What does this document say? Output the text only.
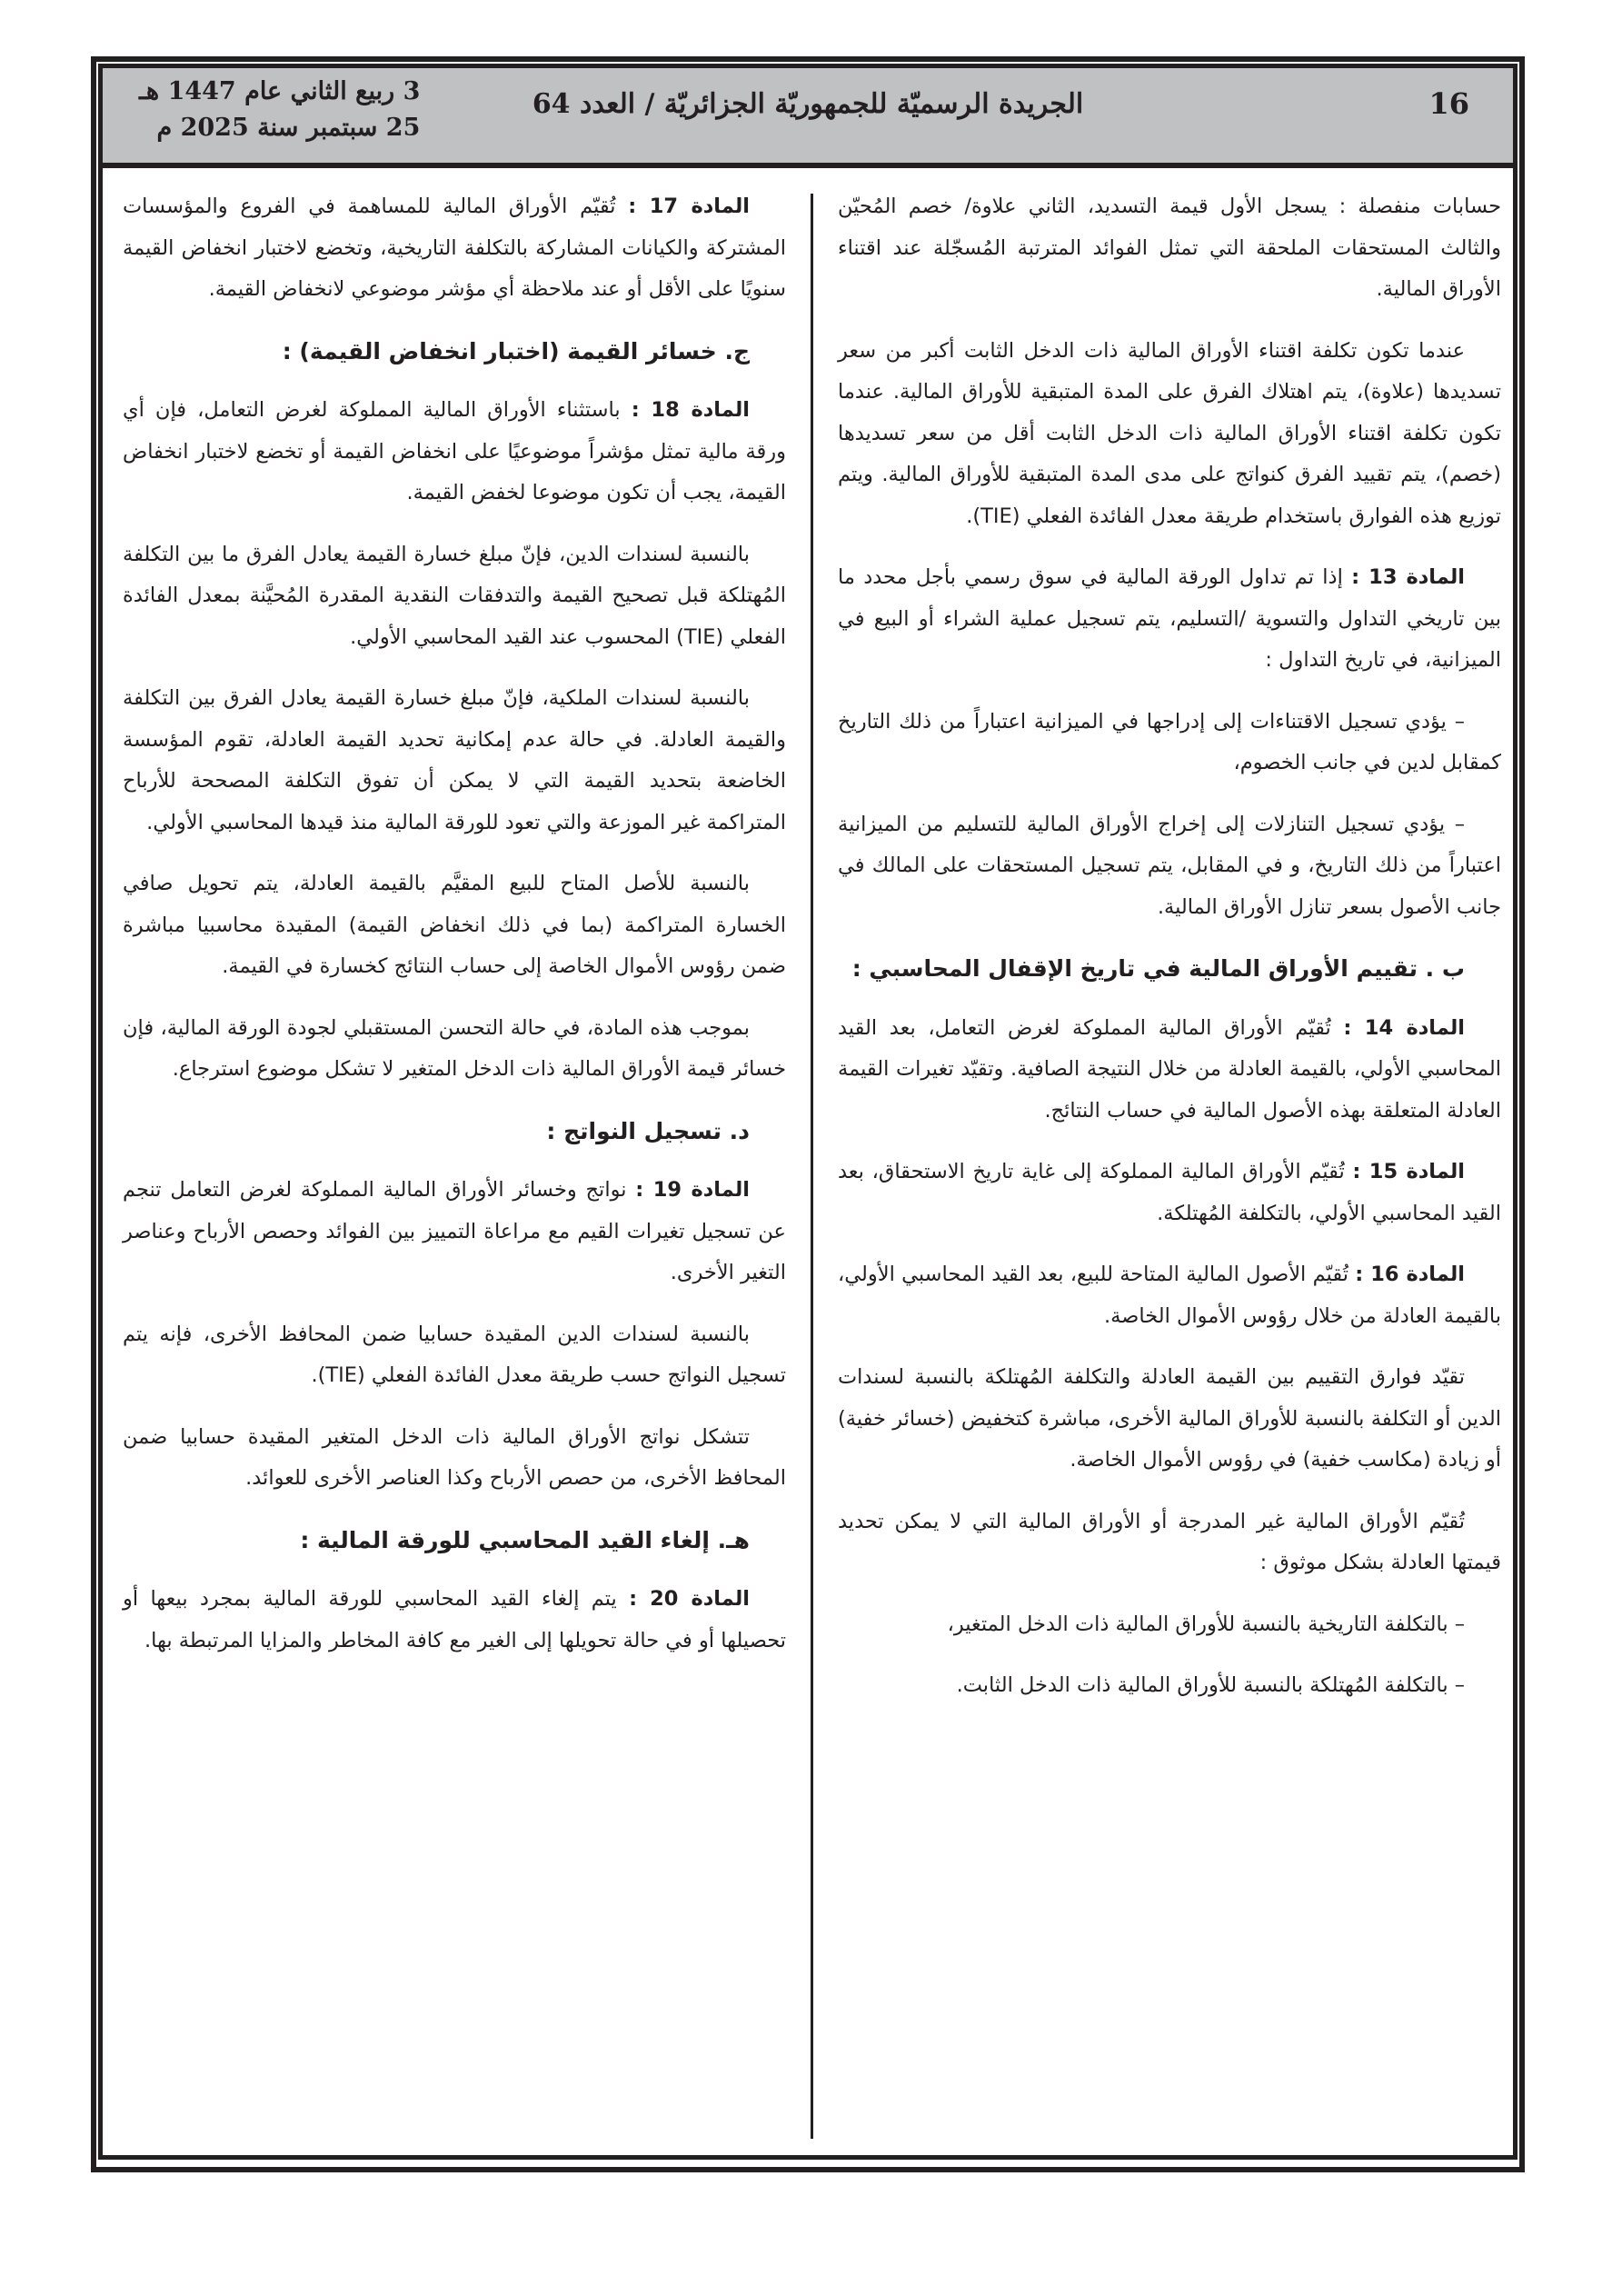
16
الجريدة الرسميّة للجمهوريّة الجزائريّة / العدد 64
3 ربيع الثاني عام 1447 هـ
25 سبتمبر سنة 2025 م

حسابات منفصلة : يسجل الأول قيمة التسديد، الثاني علاوة/ خصم المُحيّن والثالث المستحقات الملحقة التي تمثل الفوائد المترتبة المُسجّلة عند اقتناء الأوراق المالية.

عندما تكون تكلفة اقتناء الأوراق المالية ذات الدخل الثابت أكبر من سعر تسديدها (علاوة)، يتم اهتلاك الفرق على المدة المتبقية للأوراق المالية. عندما تكون تكلفة اقتناء الأوراق المالية ذات الدخل الثابت أقل من سعر تسديدها (خصم)، يتم تقييد الفرق كنواتج على مدى المدة المتبقية للأوراق المالية. ويتم توزيع هذه الفوارق باستخدام طريقة معدل الفائدة الفعلي (TIE).

المادة 13 : إذا تم تداول الورقة المالية في سوق رسمي بأجل محدد ما بين تاريخي التداول والتسوية /التسليم، يتم تسجيل عملية الشراء أو البيع في الميزانية، في تاريخ التداول :

– يؤدي تسجيل الاقتناءات إلى إدراجها في الميزانية اعتباراً من ذلك التاريخ كمقابل لدين في جانب الخصوم،

– يؤدي تسجيل التنازلات إلى إخراج الأوراق المالية للتسليم من الميزانية اعتباراً من ذلك التاريخ، و في المقابل، يتم تسجيل المستحقات على المالك في جانب الأصول بسعر تنازل الأوراق المالية.

ب . تقييم الأوراق المالية في تاريخ الإقفال المحاسبي :

المادة 14 : تُقيّم الأوراق المالية المملوكة لغرض التعامل، بعد القيد المحاسبي الأولي، بالقيمة العادلة من خلال النتيجة الصافية. وتقيّد تغيرات القيمة العادلة المتعلقة بهذه الأصول المالية في حساب النتائج.

المادة 15 : تُقيّم الأوراق المالية المملوكة إلى غاية تاريخ الاستحقاق، بعد القيد المحاسبي الأولي، بالتكلفة المُهتلكة.

المادة 16 : تُقيّم الأصول المالية المتاحة للبيع، بعد القيد المحاسبي الأولي، بالقيمة العادلة من خلال رؤوس الأموال الخاصة.

تقيّد فوارق التقييم بين القيمة العادلة والتكلفة المُهتلكة بالنسبة لسندات الدين أو التكلفة بالنسبة للأوراق المالية الأخرى، مباشرة كتخفيض (خسائر خفية) أو زيادة (مكاسب خفية) في رؤوس الأموال الخاصة.

تُقيّم الأوراق المالية غير المدرجة أو الأوراق المالية التي لا يمكن تحديد قيمتها العادلة بشكل موثوق :

– بالتكلفة التاريخية بالنسبة للأوراق المالية ذات الدخل المتغير،

– بالتكلفة المُهتلكة بالنسبة للأوراق المالية ذات الدخل الثابت.

المادة 17 : تُقيّم الأوراق المالية للمساهمة في الفروع والمؤسسات المشتركة والكيانات المشاركة بالتكلفة التاريخية، وتخضع لاختبار انخفاض القيمة سنويًا على الأقل أو عند ملاحظة أي مؤشر موضوعي لانخفاض القيمة.

ج. خسائر القيمة (اختبار انخفاض القيمة) :

المادة 18 : باستثناء الأوراق المالية المملوكة لغرض التعامل، فإن أي ورقة مالية تمثل مؤشراً موضوعيًا على انخفاض القيمة أو تخضع لاختبار انخفاض القيمة، يجب أن تكون موضوعا لخفض القيمة.

بالنسبة لسندات الدين، فإنّ مبلغ خسارة القيمة يعادل الفرق ما بين التكلفة المُهتلكة قبل تصحيح القيمة والتدفقات النقدية المقدرة المُحيَّنة بمعدل الفائدة الفعلي (TIE) المحسوب عند القيد المحاسبي الأولي.

بالنسبة لسندات الملكية، فإنّ مبلغ خسارة القيمة يعادل الفرق بين التكلفة والقيمة العادلة. في حالة عدم إمكانية تحديد القيمة العادلة، تقوم المؤسسة الخاضعة بتحديد القيمة التي لا يمكن أن تفوق التكلفة المصححة للأرباح المتراكمة غير الموزعة والتي تعود للورقة المالية منذ قيدها المحاسبي الأولي.

بالنسبة للأصل المتاح للبيع المقيَّم بالقيمة العادلة، يتم تحويل صافي الخسارة المتراكمة (بما في ذلك انخفاض القيمة) المقيدة محاسبيا مباشرة ضمن رؤوس الأموال الخاصة إلى حساب النتائج كخسارة في القيمة.

بموجب هذه المادة، في حالة التحسن المستقبلي لجودة الورقة المالية، فإن خسائر قيمة الأوراق المالية ذات الدخل المتغير لا تشكل موضوع استرجاع.

د. تسجيل النواتج :

المادة 19 : نواتج وخسائر الأوراق المالية المملوكة لغرض التعامل تنجم عن تسجيل تغيرات القيم مع مراعاة التمييز بين الفوائد وحصص الأرباح وعناصر التغير الأخرى.

بالنسبة لسندات الدين المقيدة حسابيا ضمن المحافظ الأخرى، فإنه يتم تسجيل النواتج حسب طريقة معدل الفائدة الفعلي (TIE).

تتشكل نواتج الأوراق المالية ذات الدخل المتغير المقيدة حسابيا ضمن المحافظ الأخرى، من حصص الأرباح وكذا العناصر الأخرى للعوائد.

هـ. إلغاء القيد المحاسبي للورقة المالية :

المادة 20 : يتم إلغاء القيد المحاسبي للورقة المالية بمجرد بيعها أو تحصيلها أو في حالة تحويلها إلى الغير مع كافة المخاطر والمزايا المرتبطة بها.
